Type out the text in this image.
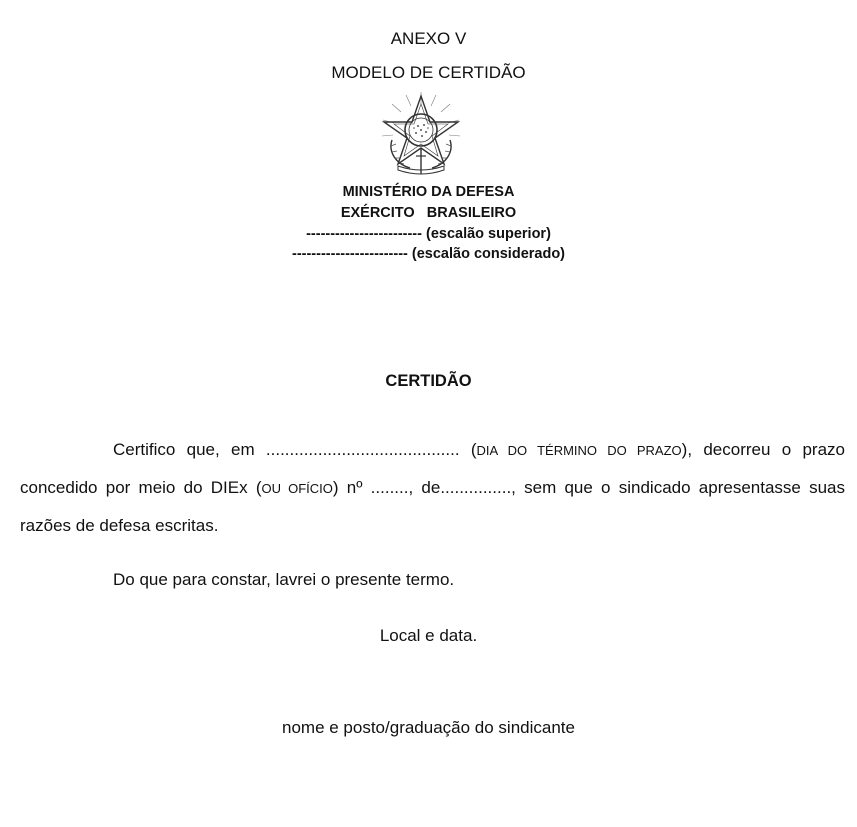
ANEXO V
MODELO DE CERTIDÃO
MINISTÉRIO DA DEFESA
EXÉRCITO   BRASILEIRO
------------------------ (escalão superior)
------------------------ (escalão considerado)
CERTIDÃO

Certifico que, em ......................................... (DIA DO TÉRMINO DO PRAZO), decorreu o prazo concedido por meio do DIEx (OU OFÍCIO) nº ........, de..............., sem que o sindicado apresentasse suas razões de defesa escritas.

Do que para constar, lavrei o presente termo.

Local e data.
nome e posto/graduação do sindicante
